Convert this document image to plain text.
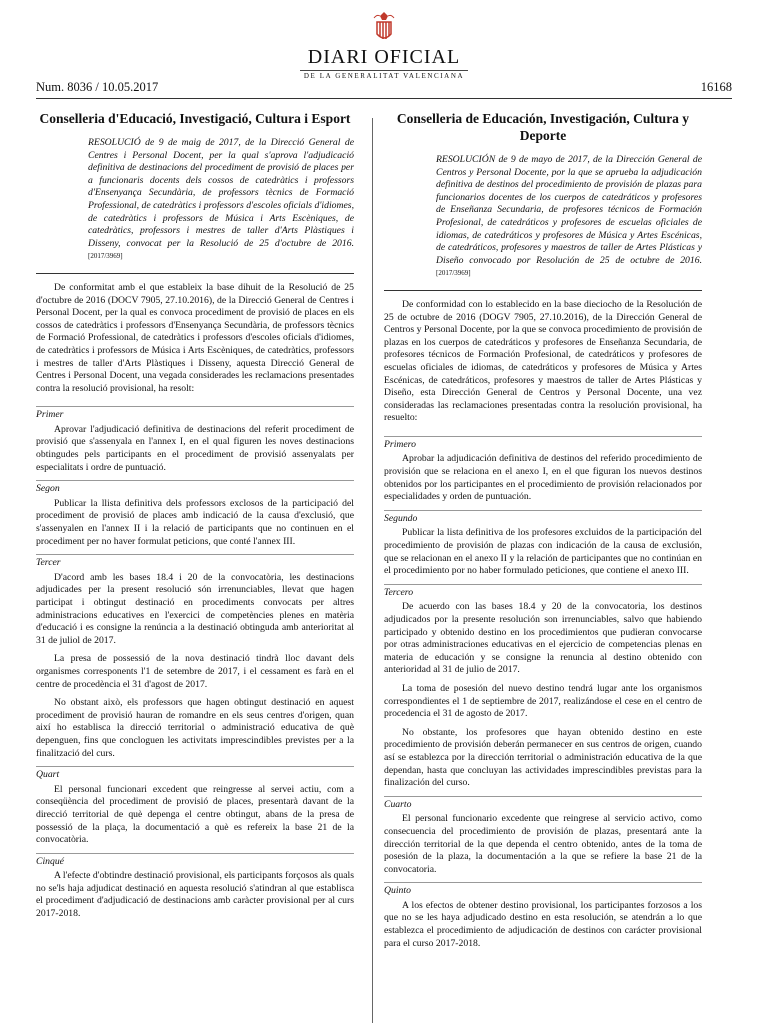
Num. 8036 / 10.05.2017
DIARI OFICIAL
DE LA GENERALITAT VALENCIANA
16168
Conselleria d'Educació, Investigació, Cultura i Esport

RESOLUCIÓ de 9 de maig de 2017, de la Direcció General de Centres i Personal Docent, per la qual s'aprova l'adjudicació definitiva de destinacions del procediment de provisió de places per a funcionaris docents dels cossos de catedràtics i professors d'Ensenyança Secundària, de professors tècnics de Formació Professional, de catedràtics i professors d'escoles oficials d'idiomes, de catedràtics i professors de Música i Arts Escèniques, de catedràtics, professors i mestres de taller d'Arts Plàstiques i Disseny, convocat per la Resolució de 25 d'octubre de 2016. [2017/3969]

De conformitat amb el que estableix la base dihuit de la Resolució de 25 d'octubre de 2016 (DOCV 7905, 27.10.2016), de la Direcció General de Centres i Personal Docent, per la qual es convoca procediment de provisió de places en els cossos de catedràtics i professors d'Ensenyança Secundària, de professors tècnics de Formació Professional, de catedràtics i professors d'escoles oficials d'idiomes, de catedràtics i professors de Música i Arts Escèniques, de catedràtics, professors i mestres de taller d'Arts Plàstiques i Disseny, aquesta Direcció General de Centres i Personal Docent, una vegada considerades les reclamacions presentades contra la resolució provisional, ha resolt:

Primer

Aprovar l'adjudicació definitiva de destinacions del referit procediment de provisió que s'assenyala en l'annex I, en el qual figuren les noves destinacions obtingudes pels participants en el procediment de provisió assenyalats per especialitats i ordre de puntuació.

Segon

Publicar la llista definitiva dels professors exclosos de la participació del procediment de provisió de places amb indicació de la causa d'exclusió, que s'assenyalen en l'annex II i la relació de participants que no continuen en el procediment per no haver formulat peticions, que conté l'annex III.

Tercer

D'acord amb les bases 18.4 i 20 de la convocatòria, les destinacions adjudicades per la present resolució són irrenunciables, llevat que hagen participat i obtingut destinació en procediments convocats per altres administracions educatives en l'exercici de competències plenes en matèria d'educació i es consigne la renúncia a la destinació obtinguda amb anterioritat al 31 de juliol de 2017.

La presa de possessió de la nova destinació tindrà lloc davant dels organismes corresponents l'1 de setembre de 2017, i el cessament es farà en el centre de procedència el 31 d'agost de 2017.

No obstant això, els professors que hagen obtingut destinació en aquest procediment de provisió hauran de romandre en els seus centres d'origen, quan així ho establisca la direcció territorial o administració educativa de què depenguen, fins que concloguen les activitats imprescindibles previstes per a la finalització del curs.

Quart

El personal funcionari excedent que reingresse al servei actiu, com a conseqüència del procediment de provisió de places, presentarà davant de la direcció territorial de què depenga el centre obtingut, abans de la presa de possessió de la plaça, la documentació a què es refereix la base 21 de la convocatòria.

Cinqué

A l'efecte d'obtindre destinació provisional, els participants forçosos als quals no se'ls haja adjudicat destinació en aquesta resolució s'atindran al que establisca el procediment d'adjudicació de destinacions amb caràcter provisional per al curs 2017-2018.

Conselleria de Educación, Investigación, Cultura y Deporte

RESOLUCIÓN de 9 de mayo de 2017, de la Dirección General de Centros y Personal Docente, por la que se aprueba la adjudicación definitiva de destinos del procedimiento de provisión de plazas para funcionarios docentes de los cuerpos de catedráticos y profesores de Enseñanza Secundaria, de profesores técnicos de Formación Profesional, de catedráticos y profesores de escuelas oficiales de idiomas, de catedráticos y profesores de Música y Artes Escénicas, de catedráticos, profesores y maestros de taller de Artes Plásticas y Diseño convocado por Resolución de 25 de octubre de 2016. [2017/3969]

De conformidad con lo establecido en la base dieciocho de la Resolución de 25 de octubre de 2016 (DOGV 7905, 27.10.2016), de la Dirección General de Centros y Personal Docente, por la que se convoca procedimiento de provisión de plazas en los cuerpos de catedráticos y profesores de Enseñanza Secundaria, de profesores técnicos de Formación Profesional, de catedráticos y profesores de escuelas oficiales de idiomas, de catedráticos y profesores de Música y Artes Escénicas, de catedráticos, profesores y maestros de taller de Artes Plásticas y Diseño, esta Dirección General de Centros y Personal Docente, una vez consideradas las reclamaciones presentadas contra la resolución provisional, ha resuelto:

Primero

Aprobar la adjudicación definitiva de destinos del referido procedimiento de provisión que se relaciona en el anexo I, en el que figuran los nuevos destinos obtenidos por los participantes en el procedimiento de provisión relacionados por especialidades y orden de puntuación.

Segundo

Publicar la lista definitiva de los profesores excluidos de la participación del procedimiento de provisión de plazas con indicación de la causa de exclusión, que se relacionan en el anexo II y la relación de participantes que no continúan en el procedimiento por no haber formulado peticiones, que contiene el anexo III.

Tercero

De acuerdo con las bases 18.4 y 20 de la convocatoria, los destinos adjudicados por la presente resolución son irrenunciables, salvo que habiendo participado y obtenido destino en los procedimientos que pudieran convocarse por otras administraciones educativas en el ejercicio de competencias plenas en materia de educación y se consigne la renuncia al destino obtenido con anterioridad al 31 de julio de 2017.

La toma de posesión del nuevo destino tendrá lugar ante los organismos correspondientes el 1 de septiembre de 2017, realizándose el cese en el centro de procedencia el 31 de agosto de 2017.

No obstante, los profesores que hayan obtenido destino en este procedimiento de provisión deberán permanecer en sus centros de origen, cuando así se establezca por la dirección territorial o administración educativa de la que dependan, hasta que concluyan las actividades imprescindibles previstas para la finalización del curso.

Cuarto

El personal funcionario excedente que reingrese al servicio activo, como consecuencia del procedimiento de provisión de plazas, presentará ante la dirección territorial de la que dependa el centro obtenido, antes de la toma de posesión de la plaza, la documentación a la que se refiere la base 21 de la convocatoria.

Quinto

A los efectos de obtener destino provisional, los participantes forzosos a los que no se les haya adjudicado destino en esta resolución, se atendrán a lo que establezca el procedimiento de adjudicación de destinos con carácter provisional para el curso 2017-2018.
